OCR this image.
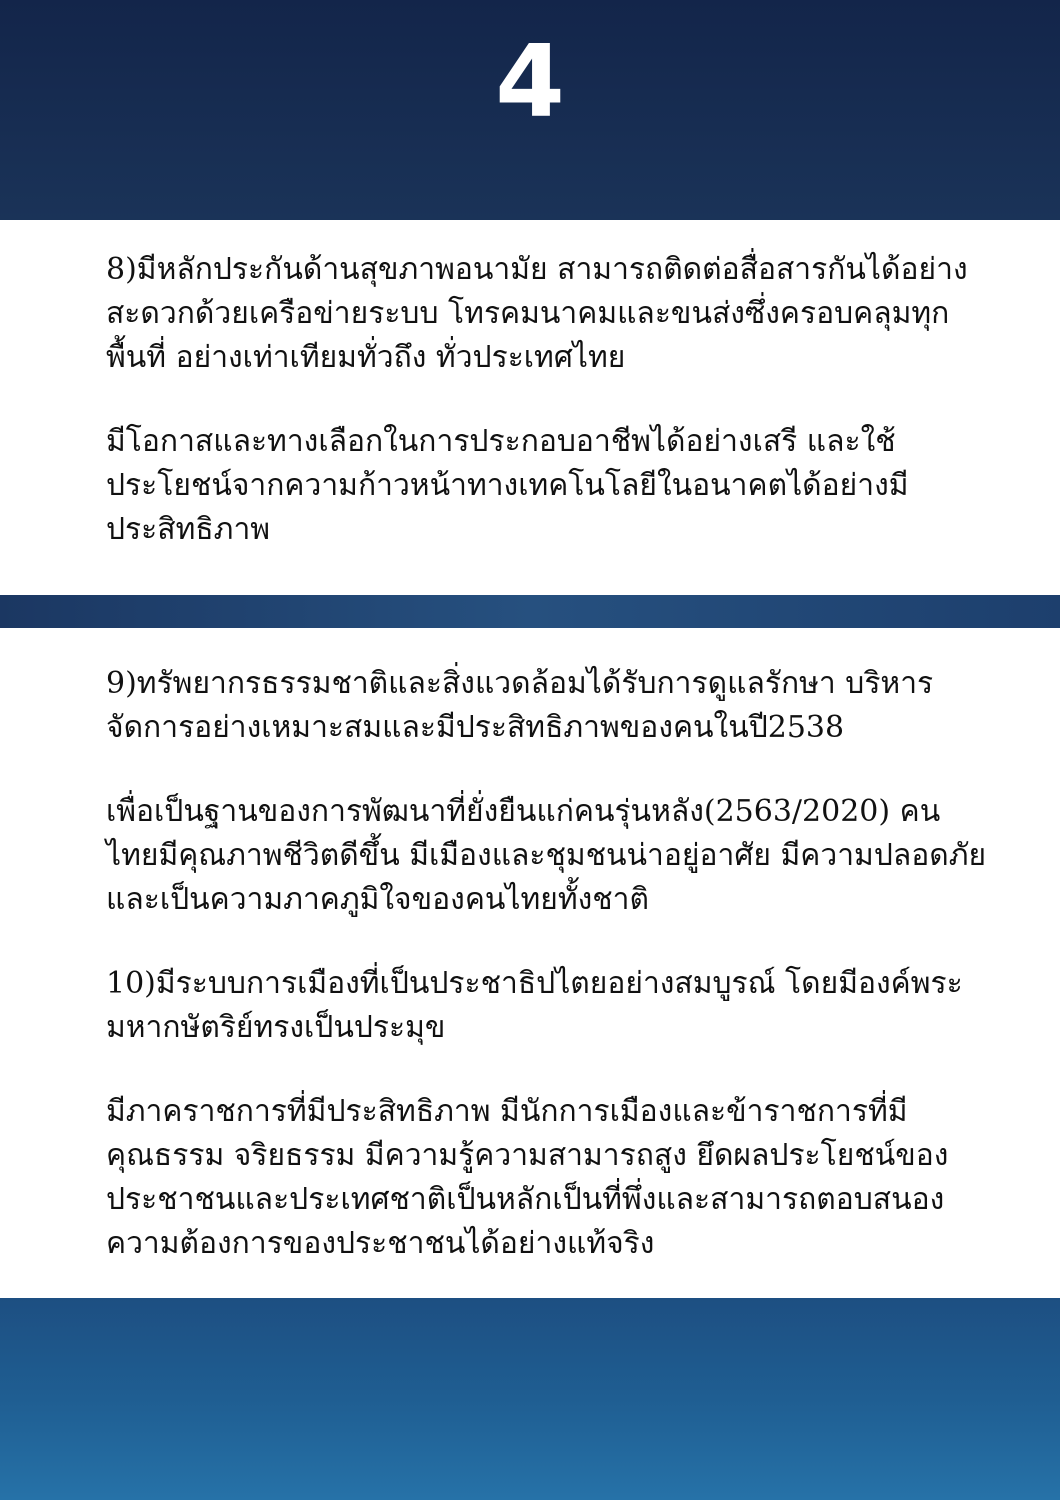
4

8)มีหลักประกันด้านสุขภาพอนามัย สามารถติดต่อสื่อสารกันได้อย่างสะดวกด้วยเครือข่ายระบบ โทรคมนาคมและขนส่งซึ่งครอบคลุมทุกพื้นที่ อย่างเท่าเทียมทั่วถึง ทั่วประเทศไทย

มีโอกาสและทางเลือกในการประกอบอาชีพได้อย่างเสรี และใช้ประโยชน์จากความก้าวหน้าทางเทคโนโลยีในอนาคตได้อย่างมีประสิทธิภาพ

9)ทรัพยากรธรรมชาติและสิ่งแวดล้อมได้รับการดูแลรักษา บริหารจัดการอย่างเหมาะสมและมีประสิทธิภาพของคนในปี2538

เพื่อเป็นฐานของการพัฒนาที่ยั่งยืนแก่คนรุ่นหลัง(2563/2020) คนไทยมีคุณภาพชีวิตดีขึ้น มีเมืองและชุมชนน่าอยู่อาศัย มีความปลอดภัย และเป็นความภาคภูมิใจของคนไทยทั้งชาติ

10)มีระบบการเมืองที่เป็นประชาธิปไตยอย่างสมบูรณ์ โดยมีองค์พระมหากษัตริย์ทรงเป็นประมุข

มีภาคราชการที่มีประสิทธิภาพ มีนักการเมืองและข้าราชการที่มีคุณธรรม จริยธรรม มีความรู้ความสามารถสูง ยึดผลประโยชน์ของประชาชนและประเทศชาติเป็นหลักเป็นที่พึ่งและสามารถตอบสนองความต้องการของประชาชนได้อย่างแท้จริง
